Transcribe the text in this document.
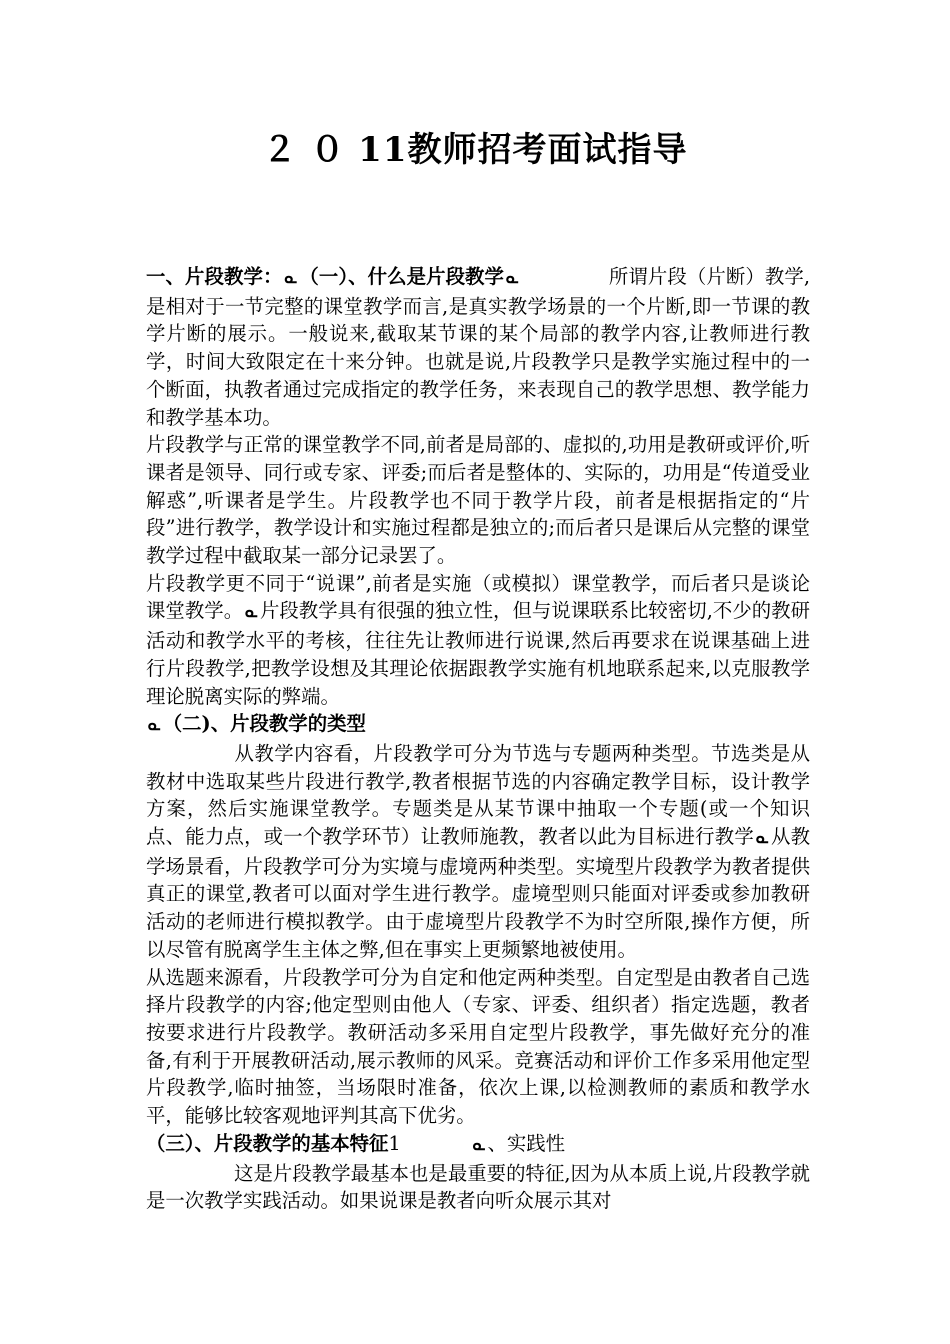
２ ０ 11教师招考面试指导

一、片段教学： ᓇ （一）、什么是片段教学 ᓇ	所谓片段（片断）教学,是相对于一节完整的课堂教学而言,是真实教学场景的一个片断,即一节课的教学片断的展示。一般说来,截取某节课的某个局部的教学内容,让教师进行教学，时间大致限定在十来分钟。也就是说,片段教学只是教学实施过程中的一个断面，执教者通过完成指定的教学任务，来表现自己的教学思想、教学能力和教学基本功。

片段教学与正常的课堂教学不同,前者是局部的、虚拟的,功用是教研或评价,听课者是领导、同行或专家、评委;而后者是整体的、实际的，功用是“传道受业解惑”,听课者是学生。片段教学也不同于教学片段，前者是根据指定的“片段”进行教学，教学设计和实施过程都是独立的;而后者只是课后从完整的课堂教学过程中截取某一部分记录罢了。

片段教学更不同于“说课”,前者是实施（或模拟）课堂教学，而后者只是谈论课堂教学。 ᓇ 片段教学具有很强的独立性，但与说课联系比较密切,不少的教研活动和教学水平的考核，往往先让教师进行说课,然后再要求在说课基础上进行片段教学,把教学设想及其理论依据跟教学实施有机地联系起来,以克服教学理论脱离实际的弊端。

ᓇ （二)、片段教学的类型

从教学内容看，片段教学可分为节选与专题两种类型。节选类是从教材中选取某些片段进行教学,教者根据节选的内容确定教学目标，设计教学方案，然后实施课堂教学。专题类是从某节课中抽取一个专题(或一个知识点、能力点，或一个教学环节）让教师施教，教者以此为目标进行教学 ᓇ 从教学场景看，片段教学可分为实境与虚境两种类型。实境型片段教学为教者提供真正的课堂,教者可以面对学生进行教学。虚境型则只能面对评委或参加教研活动的老师进行模拟教学。由于虚境型片段教学不为时空所限,操作方便，所以尽管有脱离学生主体之弊,但在事实上更频繁地被使用。

从选题来源看，片段教学可分为自定和他定两种类型。自定型是由教者自己选择片段教学的内容;他定型则由他人（专家、评委、组织者）指定选题，教者按要求进行片段教学。教研活动多采用自定型片段教学，事先做好充分的准备,有利于开展教研活动,展示教师的风采。竞赛活动和评价工作多采用他定型片段教学,临时抽签，当场限时准备，依次上课,以检测教师的素质和教学水平，能够比较客观地评判其高下优劣。

（三）、片段教学的基本特征1	ᓇ 、实践性

这是片段教学最基本也是最重要的特征,因为从本质上说,片段教学就是一次教学实践活动。如果说课是教者向听众展示其对
